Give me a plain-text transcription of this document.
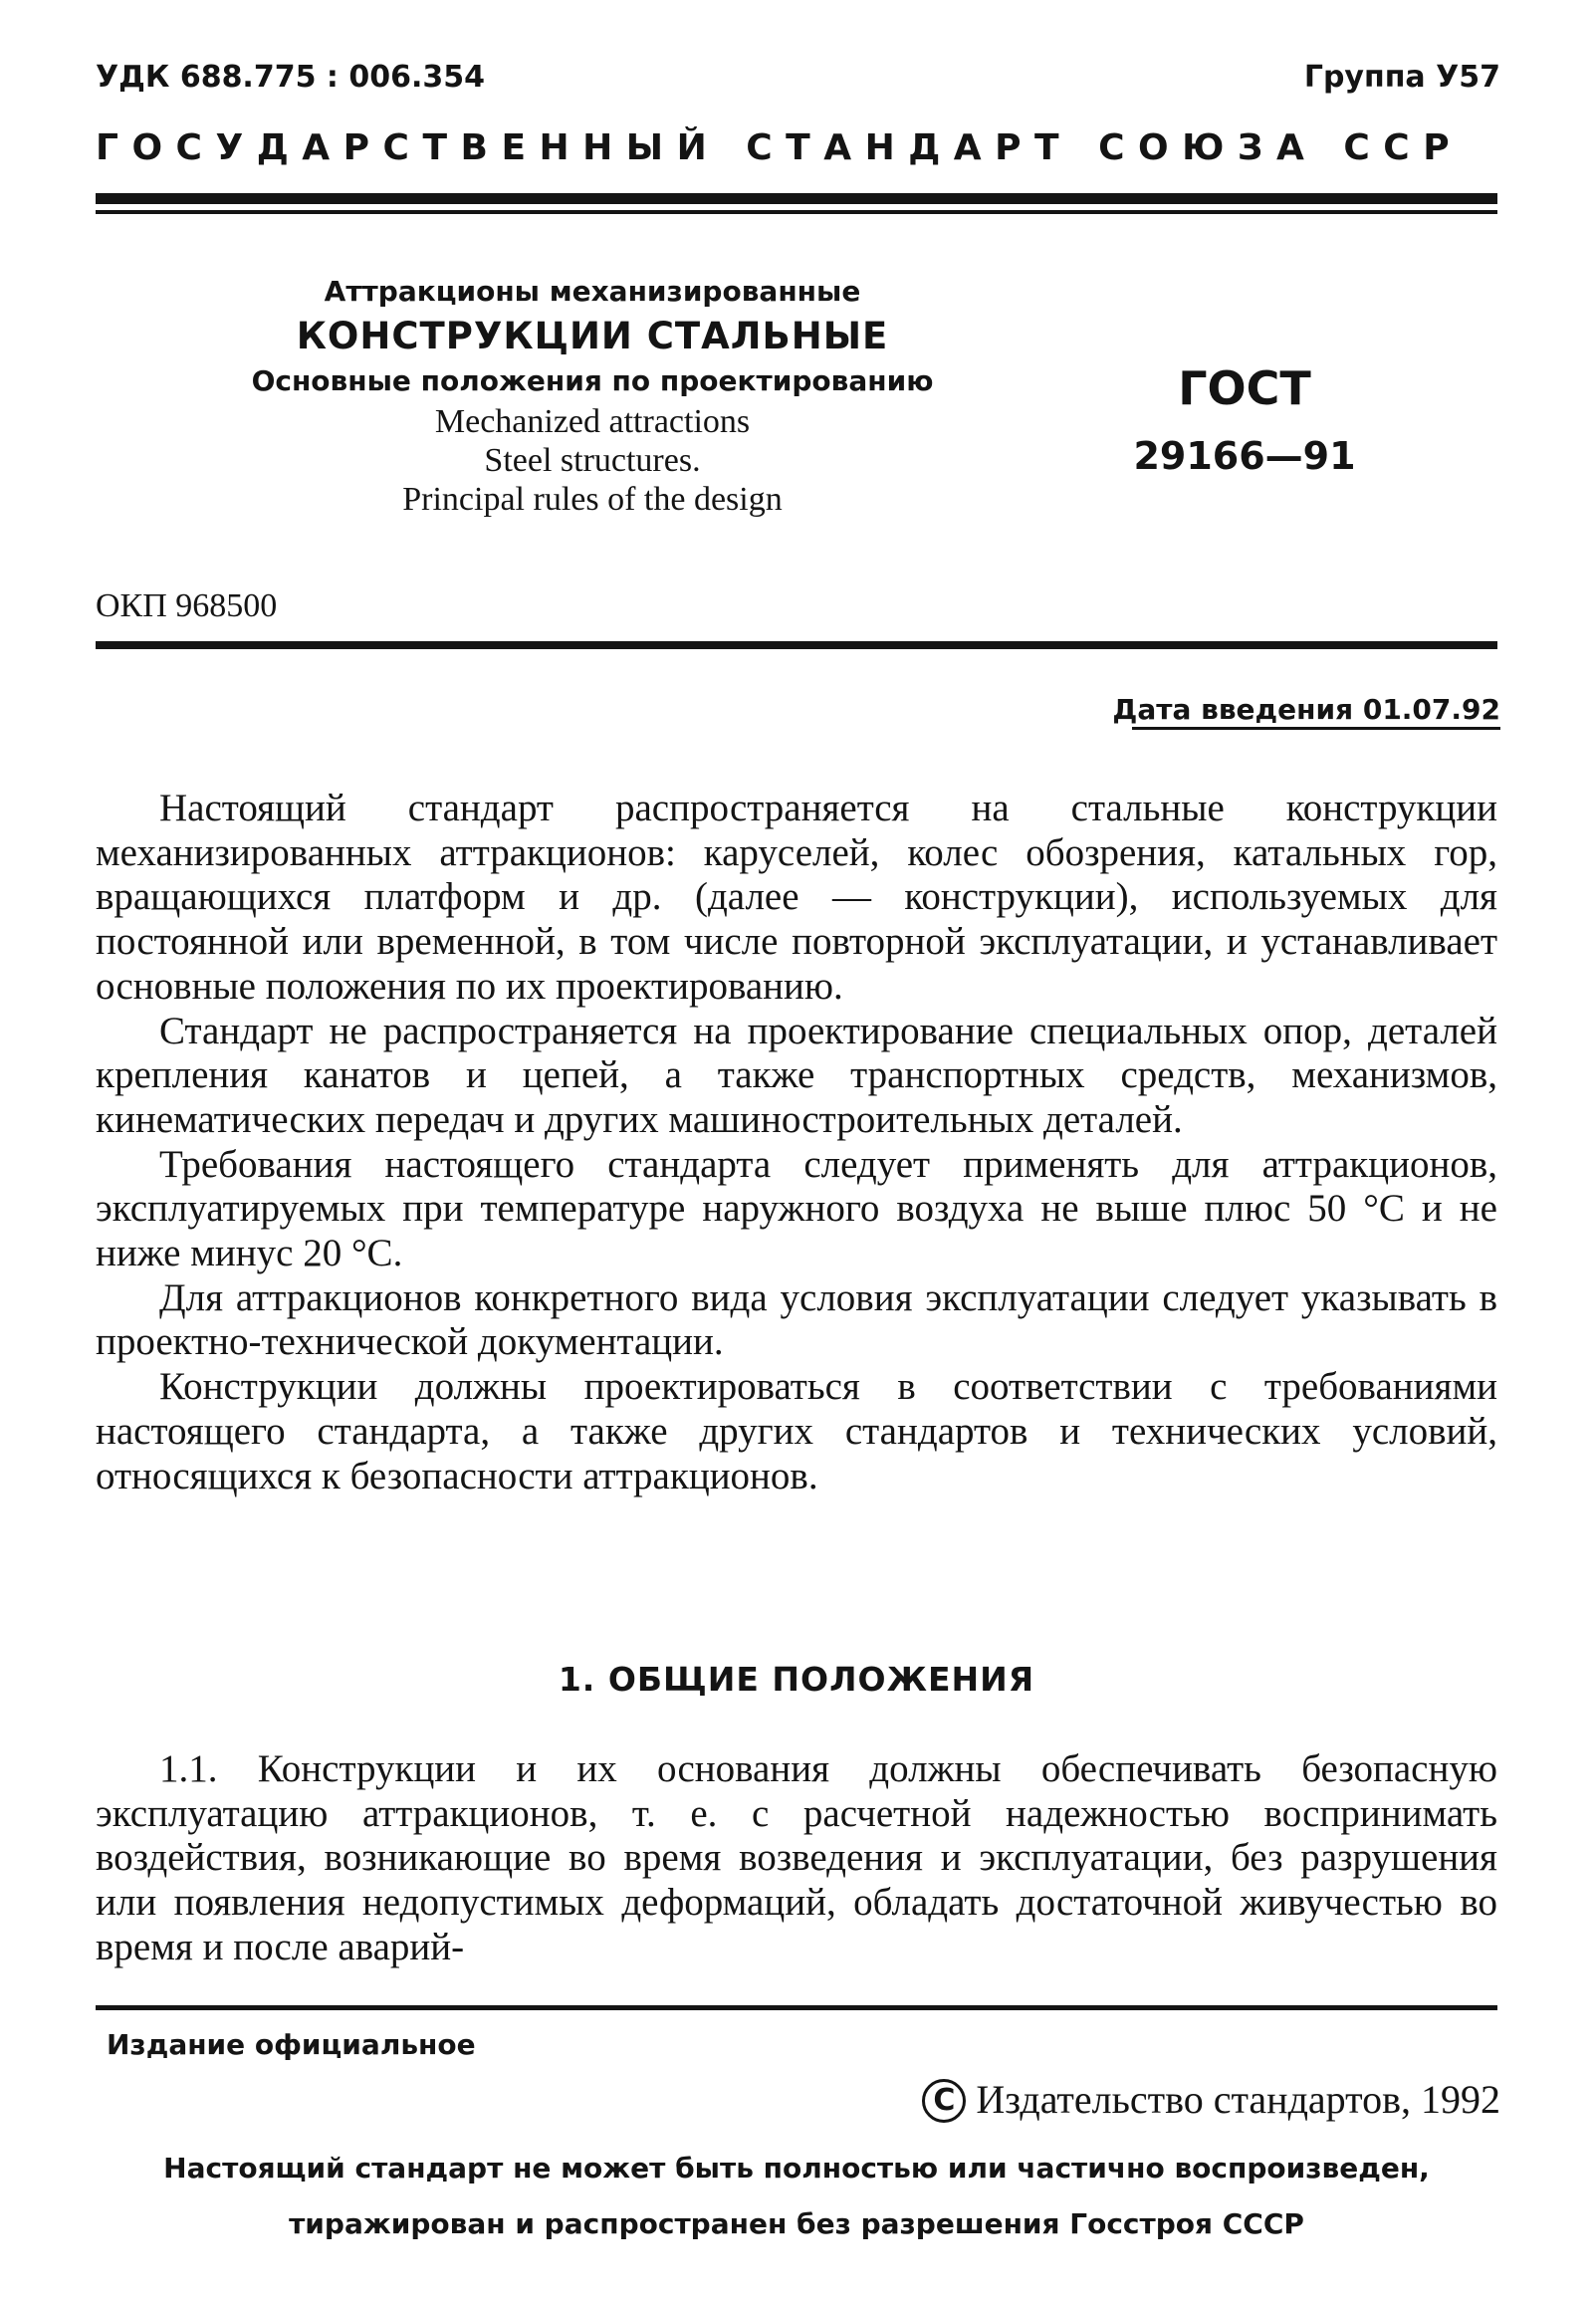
УДК 688.775 : 006.354	Группа У57
ГОСУДАРСТВЕННЫЙ СТАНДАРТ СОЮЗА ССР
Аттракционы механизированные
КОНСТРУКЦИИ СТАЛЬНЫЕ
Основные положения по проектированию
Mechanized attractions
Steel structures.
Principal rules of the design
ГОСТ
29166—91
ОКП 968500
Дата введения 01.07.92

Настоящий стандарт распространяется на стальные конструкции механизированных аттракционов: каруселей, колес обозрения, катальных гор, вращающихся платформ и др. (далее — конструкции), используемых для постоянной или временной, в том числе повторной эксплуатации, и устанавливает основные положения по их проектированию.

Стандарт не распространяется на проектирование специальных опор, деталей крепления канатов и цепей, а также транспортных средств, механизмов, кинематических передач и других машиностроительных деталей.

Требования настоящего стандарта следует применять для аттракционов, эксплуатируемых при температуре наружного воздуха не выше плюс 50 °С и не ниже минус 20 °С.

Для аттракционов конкретного вида условия эксплуатации следует указывать в проектно-технической документации.

Конструкции должны проектироваться в соответствии с требованиями настоящего стандарта, а также других стандартов и технических условий, относящихся к безопасности аттракционов.

1. ОБЩИЕ ПОЛОЖЕНИЯ

1.1. Конструкции и их основания должны обеспечивать безопасную эксплуатацию аттракционов, т. е. с расчетной надежностью воспринимать воздействия, возникающие во время возведения и эксплуатации, без разрушения или появления недопустимых деформаций, обладать достаточной живучестью во время и после аварий-

Издание официальное
C Издательство стандартов, 1992
Настоящий стандарт не может быть полностью или частично воспроизведен,
тиражирован и распространен без разрешения Госстроя СССР
